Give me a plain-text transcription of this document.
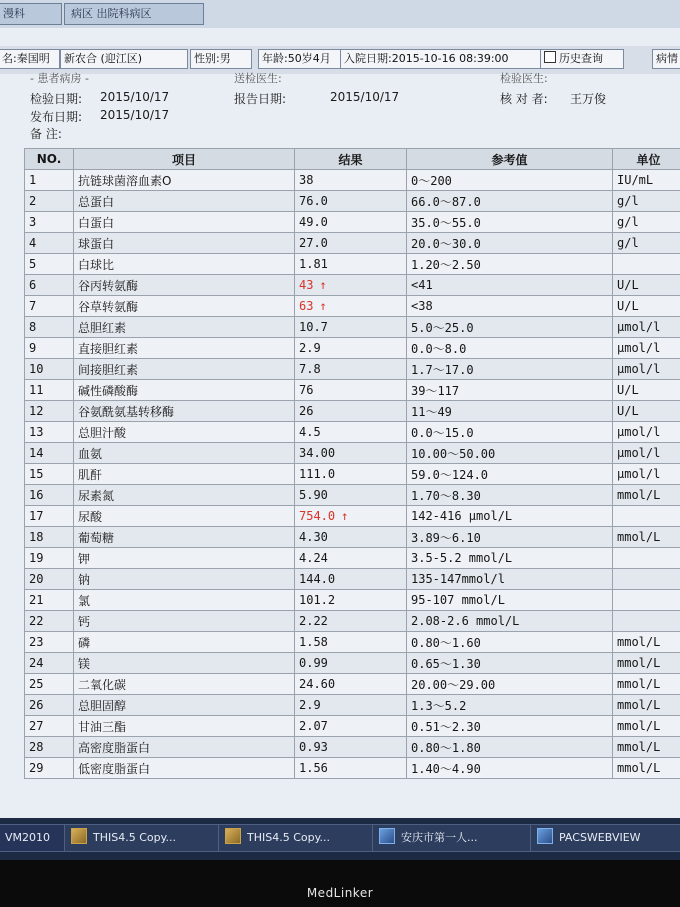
漫科	病区 出院科病区
名:秦国明	新农合 (迎江区)	性别:男	年龄:50岁4月	入院日期:2015-10-16 08:39:00	历史查询	病情
- 患者病房 -	送检医生:	检验医生:
检验日期: 2015/10/17	报告日期:	2015/10/17	核 对 者: 王万俊
发布日期: 2015/10/17
备 注:
NO.	项目	结果	参考值	单位
1	抗链球菌溶血素O	38	0～200	IU/mL
2	总蛋白	76.0	66.0～87.0	g/l
3	白蛋白	49.0	35.0～55.0	g/l
4	球蛋白	27.0	20.0～30.0	g/l
5	白球比	1.81	1.20～2.50	
6	谷丙转氨酶	43 ↑	<41	U/L
7	谷草转氨酶	63 ↑	<38	U/L
8	总胆红素	10.7	5.0～25.0	μmol/l
9	直接胆红素	2.9	0.0～8.0	μmol/l
10	间接胆红素	7.8	1.7～17.0	μmol/l
11	碱性磷酸酶	76	39～117	U/L
12	谷氨酰氨基转移酶	26	11～49	U/L
13	总胆汁酸	4.5	0.0～15.0	μmol/l
14	血氨	34.00	10.00～50.00	μmol/l
15	肌酐	111.0	59.0～124.0	μmol/l
16	尿素氮	5.90	1.70～8.30	mmol/L
17	尿酸	754.0 ↑	142-416 μmol/L	
18	葡萄糖	4.30	3.89～6.10	mmol/L
19	钾	4.24	3.5-5.2 mmol/L	
20	钠	144.0	135-147mmol/l	
21	氯	101.2	95-107 mmol/L	
22	钙	2.22	2.08-2.6 mmol/L	
23	磷	1.58	0.80～1.60	mmol/L
24	镁	0.99	0.65～1.30	mmol/L
25	二氧化碳	24.60	20.00～29.00	mmol/L
26	总胆固醇	2.9	1.3～5.2	mmol/L
27	甘油三酯	2.07	0.51～2.30	mmol/L
28	高密度脂蛋白	0.93	0.80～1.80	mmol/L
29	低密度脂蛋白	1.56	1.40～4.90	mmol/L
VM2010	THIS4.5 Copy...	THIS4.5 Copy...	安庆市第一人...	PACSWEBVIEW
MedLinker
